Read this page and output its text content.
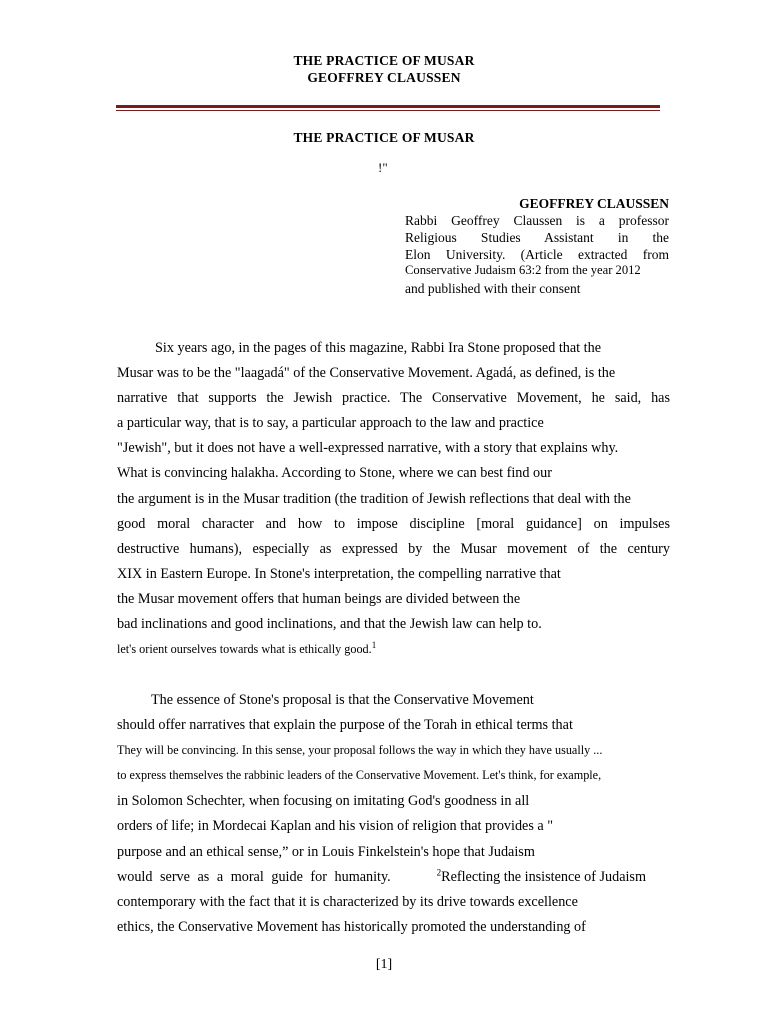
THE PRACTICE OF MUSAR
GEOFFREY CLAUSSEN
THE PRACTICE OF MUSAR
!"
GEOFFREY CLAUSSEN
Rabbi Geoffrey Claussen is a professor
Religious Studies Assistant in the
Elon University. (Article extracted from
Conservative Judaism 63:2 from the year 2012
and published with their consent
Six years ago, in the pages of this magazine, Rabbi Ira Stone proposed that the
Musar was to be the "laagadá" of the Conservative Movement. Agadá, as defined, is the
narrative that supports the Jewish practice. The Conservative Movement, he said, has
a particular way, that is to say, a particular approach to the law and practice
"Jewish", but it does not have a well-expressed narrative, with a story that explains why.
What is convincing halakha. According to Stone, where we can best find our
the argument is in the Musar tradition (the tradition of Jewish reflections that deal with the
good moral character and how to impose discipline [moral guidance] on impulses
destructive humans), especially as expressed by the Musar movement of the century
XIX in Eastern Europe. In Stone's interpretation, the compelling narrative that
the Musar movement offers that human beings are divided between the
bad inclinations and good inclinations, and that the Jewish law can help to.
let's orient ourselves towards what is ethically good.$^1$
The essence of Stone's proposal is that the Conservative Movement
should offer narratives that explain the purpose of the Torah in ethical terms that
They will be convincing. In this sense, your proposal follows the way in which they have usually ...
to express themselves the rabbinic leaders of the Conservative Movement. Let's think, for example,
in Solomon Schechter, when focusing on imitating God's goodness in all
orders of life; in Mordecai Kaplan and his vision of religion that provides a "
purpose and an ethical sense,” or in Louis Finkelstein's hope that Judaism
would serve as a moral guide for humanity.	$^2$Reflecting the insistence of Judaism
contemporary with the fact that it is characterized by its drive towards excellence
ethics, the Conservative Movement has historically promoted the understanding of
[1]
